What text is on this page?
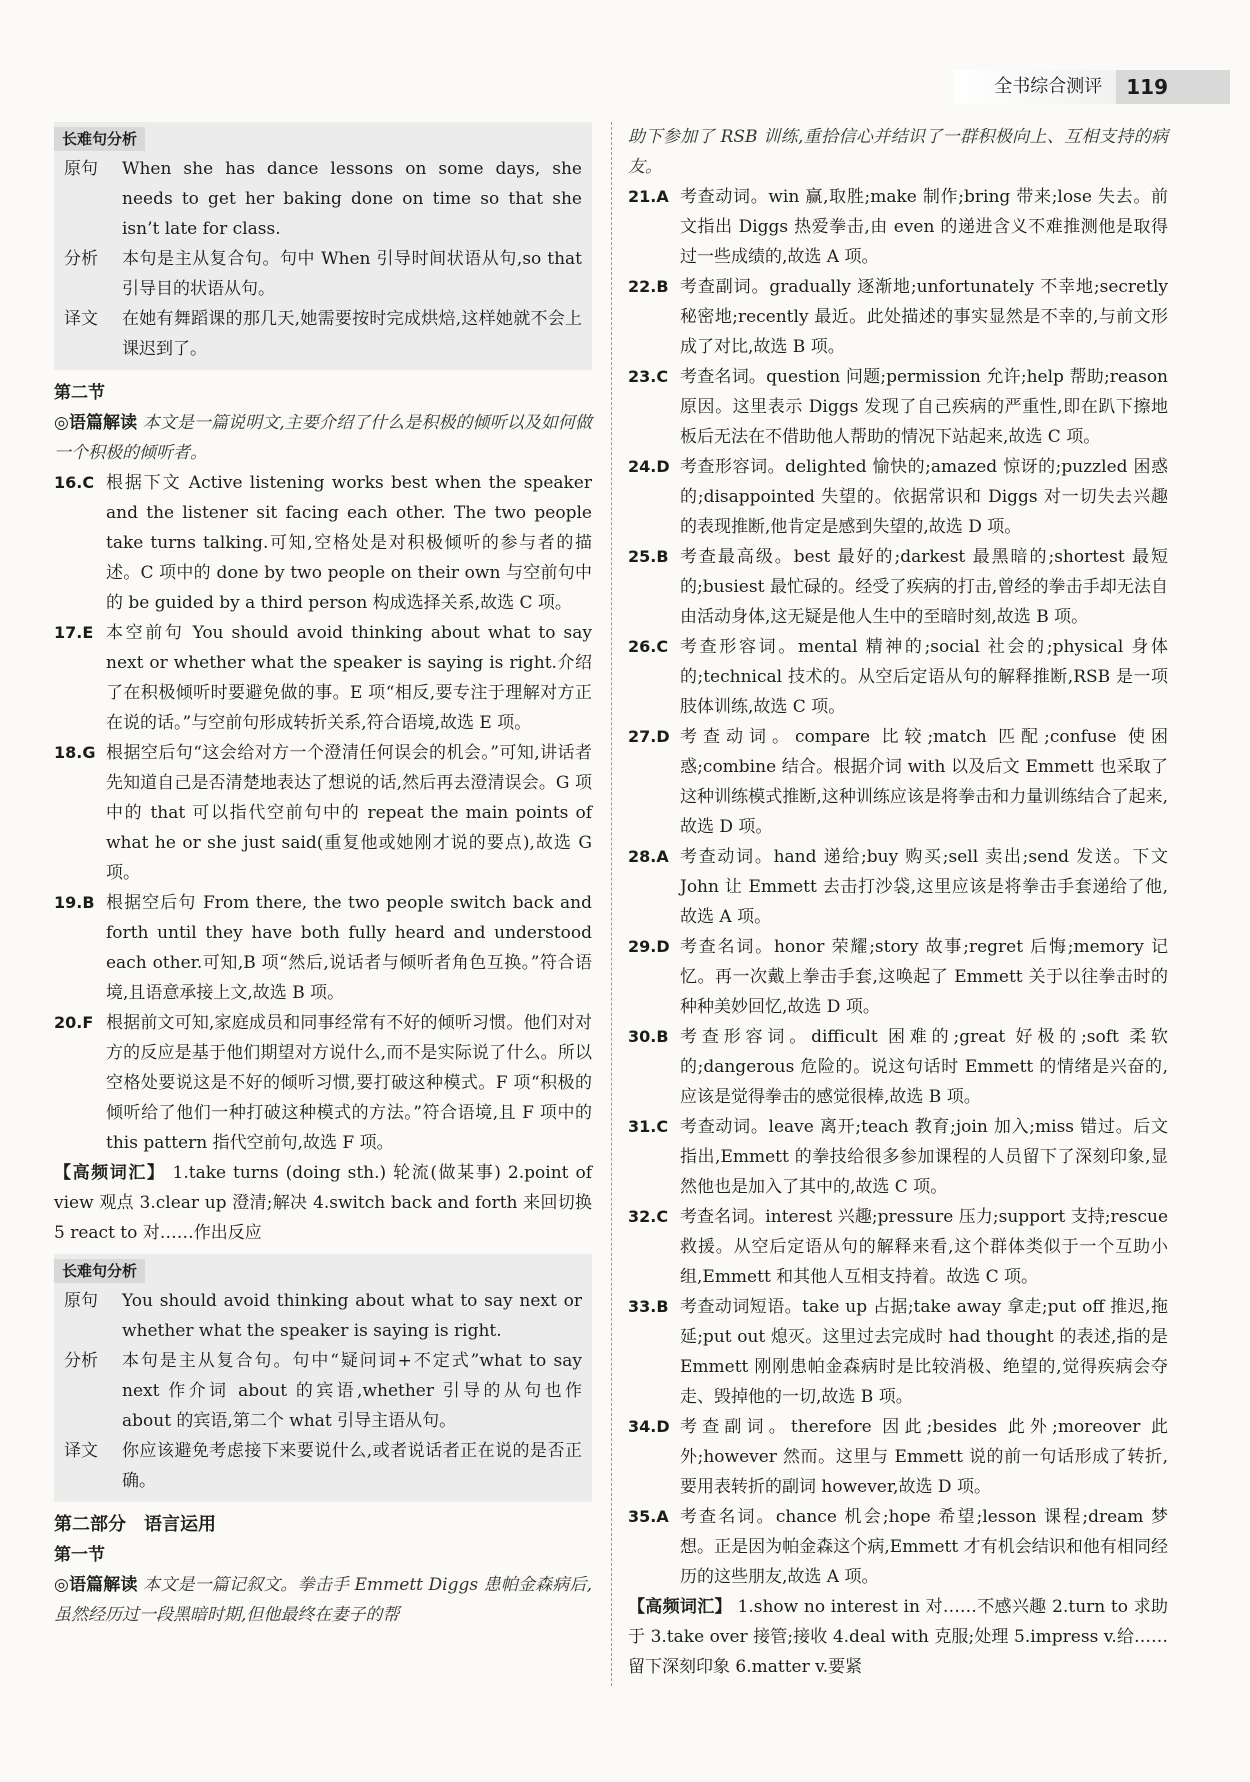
全书综合测评	119
长难句分析
原句	When she has dance lessons on some days, she needs to get her baking done on time so that she isn’t late for class.
分析	本句是主从复合句。句中 When 引导时间状语从句,so that 引导目的状语从句。
译文	在她有舞蹈课的那几天,她需要按时完成烘焙,这样她就不会上课迟到了。
第二节
◎语篇解读 本文是一篇说明文,主要介绍了什么是积极的倾听以及如何做一个积极的倾听者。
16.C 根据下文 Active listening works best when the speaker and the listener sit facing each other. The two people take turns talking.可知,空格处是对积极倾听的参与者的描述。C 项中的 done by two people on their own 与空前句中的 be guided by a third person 构成选择关系,故选 C 项。
17.E 本空前句 You should avoid thinking about what to say next or whether what the speaker is saying is right.介绍了在积极倾听时要避免做的事。E 项“相反,要专注于理解对方正在说的话。”与空前句形成转折关系,符合语境,故选 E 项。
18.G 根据空后句“这会给对方一个澄清任何误会的机会。”可知,讲话者先知道自己是否清楚地表达了想说的话,然后再去澄清误会。G 项中的 that 可以指代空前句中的 repeat the main points of what he or she just said(重复他或她刚才说的要点),故选 G 项。
19.B 根据空后句 From there, the two people switch back and forth until they have both fully heard and understood each other.可知,B 项“然后,说话者与倾听者角色互换。”符合语境,且语意承接上文,故选 B 项。
20.F 根据前文可知,家庭成员和同事经常有不好的倾听习惯。他们对对方的反应是基于他们期望对方说什么,而不是实际说了什么。所以空格处要说这是不好的倾听习惯,要打破这种模式。F 项“积极的倾听给了他们一种打破这种模式的方法。”符合语境,且 F 项中的 this pattern 指代空前句,故选 F 项。
【高频词汇】 1.take turns (doing sth.) 轮流(做某事) 2.point of view 观点 3.clear up 澄清;解决 4.switch back and forth 来回切换 5 react to 对……作出反应
长难句分析
原句	You should avoid thinking about what to say next or whether what the speaker is saying is right.
分析	本句是主从复合句。句中“疑问词+不定式”what to say next 作介词 about 的宾语,whether 引导的从句也作 about 的宾语,第二个 what 引导主语从句。
译文	你应该避免考虑接下来要说什么,或者说话者正在说的是否正确。
第二部分　语言运用
第一节
◎语篇解读 本文是一篇记叙文。拳击手 Emmett Diggs 患帕金森病后,虽然经历过一段黑暗时期,但他最终在妻子的帮
助下参加了 RSB 训练,重拾信心并结识了一群积极向上、互相支持的病友。
21.A 考查动词。win 赢,取胜;make 制作;bring 带来;lose 失去。前文指出 Diggs 热爱拳击,由 even 的递进含义不难推测他是取得过一些成绩的,故选 A 项。
22.B 考查副词。gradually 逐渐地;unfortunately 不幸地;secretly 秘密地;recently 最近。此处描述的事实显然是不幸的,与前文形成了对比,故选 B 项。
23.C 考查名词。question 问题;permission 允许;help 帮助;reason 原因。这里表示 Diggs 发现了自己疾病的严重性,即在趴下擦地板后无法在不借助他人帮助的情况下站起来,故选 C 项。
24.D 考查形容词。delighted 愉快的;amazed 惊讶的;puzzled 困惑的;disappointed 失望的。依据常识和 Diggs 对一切失去兴趣的表现推断,他肯定是感到失望的,故选 D 项。
25.B 考查最高级。best 最好的;darkest 最黑暗的;shortest 最短的;busiest 最忙碌的。经受了疾病的打击,曾经的拳击手却无法自由活动身体,这无疑是他人生中的至暗时刻,故选 B 项。
26.C 考查形容词。mental 精神的;social 社会的;physical 身体的;technical 技术的。从空后定语从句的解释推断,RSB 是一项肢体训练,故选 C 项。
27.D 考查动词。compare 比较;match 匹配;confuse 使困惑;combine 结合。根据介词 with 以及后文 Emmett 也采取了这种训练模式推断,这种训练应该是将拳击和力量训练结合了起来,故选 D 项。
28.A 考查动词。hand 递给;buy 购买;sell 卖出;send 发送。下文 John 让 Emmett 去击打沙袋,这里应该是将拳击手套递给了他,故选 A 项。
29.D 考查名词。honor 荣耀;story 故事;regret 后悔;memory 记忆。再一次戴上拳击手套,这唤起了 Emmett 关于以往拳击时的种种美妙回忆,故选 D 项。
30.B 考查形容词。difficult 困难的;great 好极的;soft 柔软的;dangerous 危险的。说这句话时 Emmett 的情绪是兴奋的,应该是觉得拳击的感觉很棒,故选 B 项。
31.C 考查动词。leave 离开;teach 教育;join 加入;miss 错过。后文指出,Emmett 的拳技给很多参加课程的人员留下了深刻印象,显然他也是加入了其中的,故选 C 项。
32.C 考查名词。interest 兴趣;pressure 压力;support 支持;rescue 救援。从空后定语从句的解释来看,这个群体类似于一个互助小组,Emmett 和其他人互相支持着。故选 C 项。
33.B 考查动词短语。take up 占据;take away 拿走;put off 推迟,拖延;put out 熄灭。这里过去完成时 had thought 的表述,指的是 Emmett 刚刚患帕金森病时是比较消极、绝望的,觉得疾病会夺走、毁掉他的一切,故选 B 项。
34.D 考查副词。therefore 因此;besides 此外;moreover 此外;however 然而。这里与 Emmett 说的前一句话形成了转折,要用表转折的副词 however,故选 D 项。
35.A 考查名词。chance 机会;hope 希望;lesson 课程;dream 梦想。正是因为帕金森这个病,Emmett 才有机会结识和他有相同经历的这些朋友,故选 A 项。
【高频词汇】 1.show no interest in 对……不感兴趣 2.turn to 求助于 3.take over 接管;接收 4.deal with 克服;处理 5.impress v.给……留下深刻印象 6.matter v.要紧
